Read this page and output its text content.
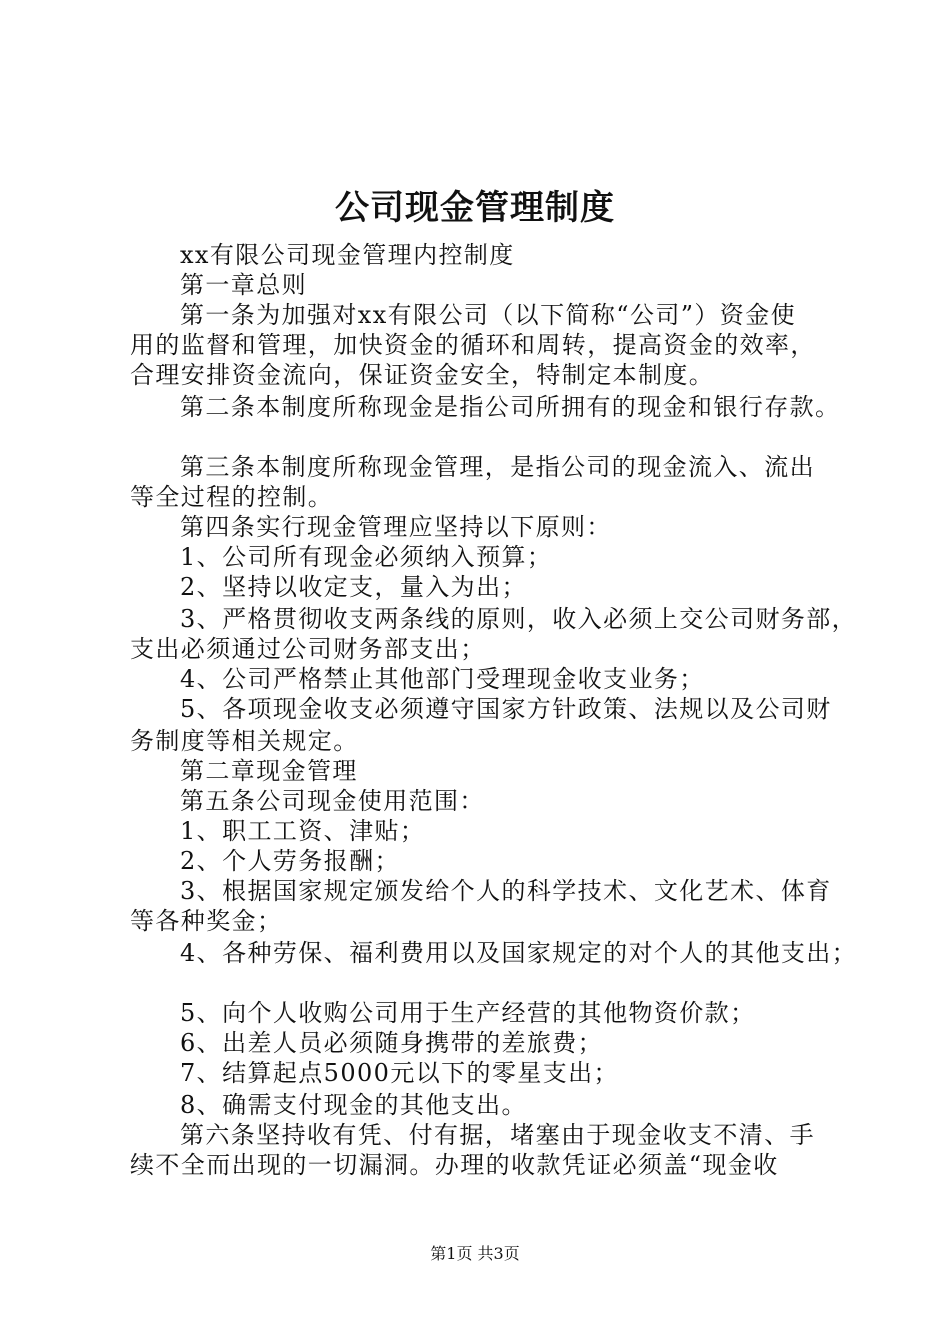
公司现金管理制度
xx有限公司现金管理内控制度
第一章总则
第一条为加强对xx有限公司（以下简称“公司”）资金使
用的监督和管理，加快资金的循环和周转，提高资金的效率，
合理安排资金流向，保证资金安全，特制定本制度。
第二条本制度所称现金是指公司所拥有的现金和银行存款。
第三条本制度所称现金管理，是指公司的现金流入、流出
等全过程的控制。
第四条实行现金管理应坚持以下原则：
1、公司所有现金必须纳入预算；
2、坚持以收定支，量入为出；
3、严格贯彻收支两条线的原则，收入必须上交公司财务部，
支出必须通过公司财务部支出；
4、公司严格禁止其他部门受理现金收支业务；
5、各项现金收支必须遵守国家方针政策、法规以及公司财
务制度等相关规定。
第二章现金管理
第五条公司现金使用范围：
1、职工工资、津贴；
2、个人劳务报酬；
3、根据国家规定颁发给个人的科学技术、文化艺术、体育
等各种奖金；
4、各种劳保、福利费用以及国家规定的对个人的其他支出；
5、向个人收购公司用于生产经营的其他物资价款；
6、出差人员必须随身携带的差旅费；
7、结算起点5000元以下的零星支出；
8、确需支付现金的其他支出。
第六条坚持收有凭、付有据，堵塞由于现金收支不清、手
续不全而出现的一切漏洞。办理的收款凭证必须盖“现金收
第1页 共3页
